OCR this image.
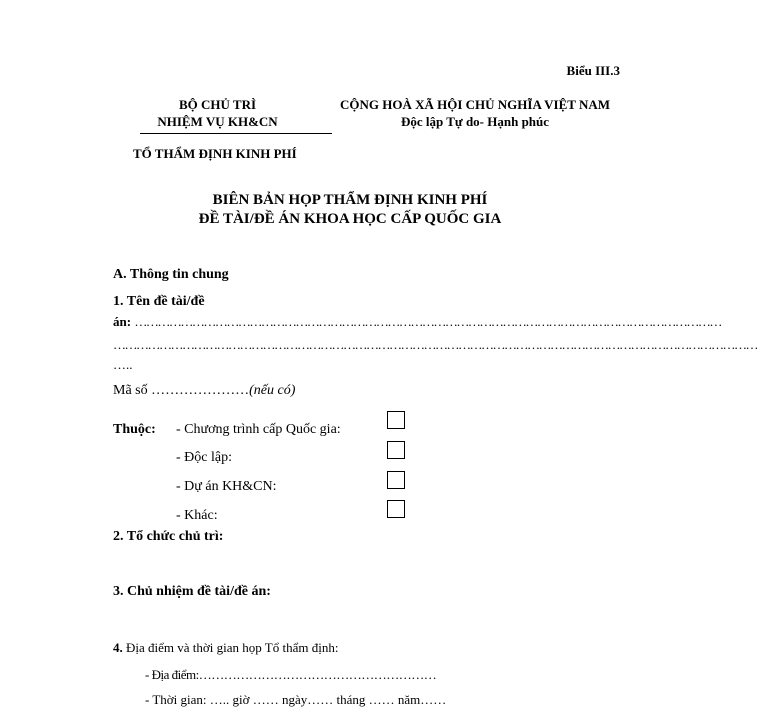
Biểu III.3
BỘ CHỦ TRÌ
NHIỆM VỤ KH&CN
TỔ THẨM ĐỊNH KINH PHÍ
CỘNG HOÀ XÃ HỘI CHỦ NGHĨA VIỆT NAM
Độc lập Tự do- Hạnh phúc
BIÊN BẢN HỌP THẨM ĐỊNH KINH PHÍ
ĐỀ TÀI/ĐỀ ÁN KHOA HỌC CẤP QUỐC GIA
A. Thông tin chung
1. Tên đề tài/đề
án: ………………………………………………………………………………………………………………………………………
……………………………………………………………………………………………………………………………………………………
…..
Mã số …………………(nếu có)
Thuộc: - Chương trình cấp Quốc gia:
- Độc lập:
- Dự án KH&CN:
- Khác:
2. Tổ chức chủ trì:
3. Chủ nhiệm đề tài/đề án:
4. Địa điểm và thời gian họp Tổ thẩm định:
- Địa điểm:…………………………………………………
- Thời gian: ….. giờ …… ngày…… tháng …… năm……
